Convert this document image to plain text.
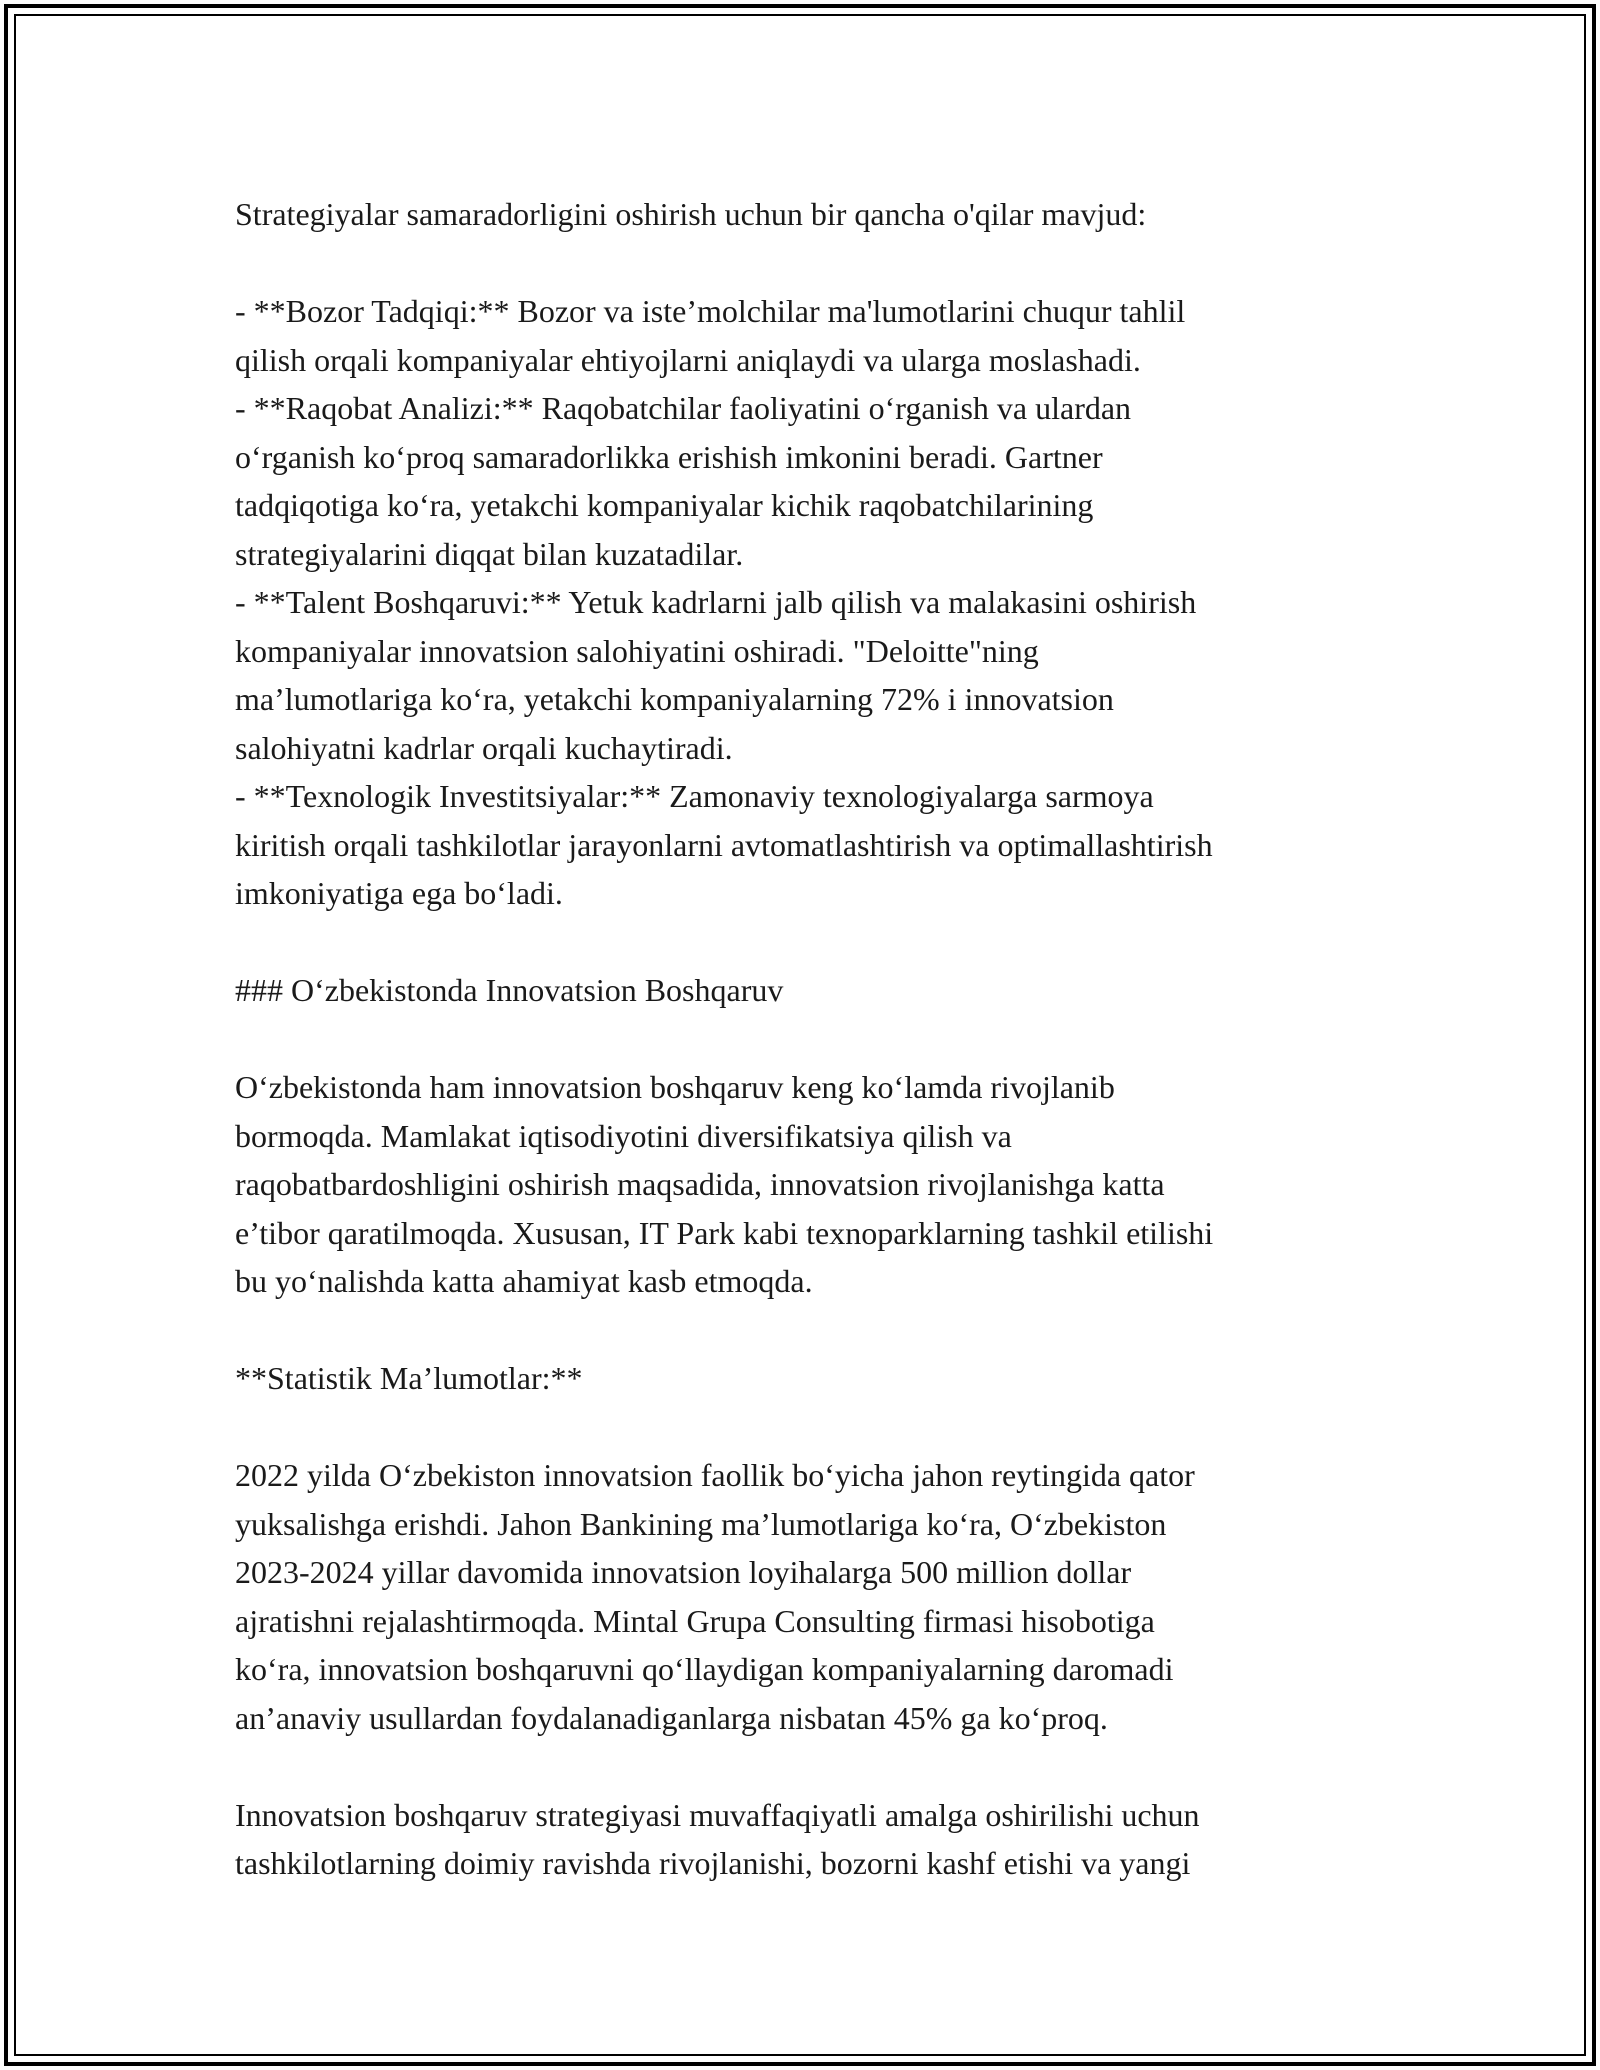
Strategiyalar samaradorligini oshirish uchun bir qancha o'qilar mavjud:

- **Bozor Tadqiqi:** Bozor va iste’molchilar ma'lumotlarini chuqur tahlil
qilish orqali kompaniyalar ehtiyojlarni aniqlaydi va ularga moslashadi.
- **Raqobat Analizi:** Raqobatchilar faoliyatini o‘rganish va ulardan
o‘rganish ko‘proq samaradorlikka erishish imkonini beradi. Gartner
tadqiqotiga ko‘ra, yetakchi kompaniyalar kichik raqobatchilarining
strategiyalarini diqqat bilan kuzatadilar.
- **Talent Boshqaruvi:** Yetuk kadrlarni jalb qilish va malakasini oshirish
kompaniyalar innovatsion salohiyatini oshiradi. "Deloitte"ning
ma’lumotlariga ko‘ra, yetakchi kompaniyalarning 72% i innovatsion
salohiyatni kadrlar orqali kuchaytiradi.
- **Texnologik Investitsiyalar:** Zamonaviy texnologiyalarga sarmoya
kiritish orqali tashkilotlar jarayonlarni avtomatlashtirish va optimallashtirish
imkoniyatiga ega bo‘ladi.

### O‘zbekistonda Innovatsion Boshqaruv

O‘zbekistonda ham innovatsion boshqaruv keng ko‘lamda rivojlanib
bormoqda. Mamlakat iqtisodiyotini diversifikatsiya qilish va
raqobatbardoshligini oshirish maqsadida, innovatsion rivojlanishga katta
e’tibor qaratilmoqda. Xususan, IT Park kabi texnoparklarning tashkil etilishi
bu yo‘nalishda katta ahamiyat kasb etmoqda.

**Statistik Ma’lumotlar:**

2022 yilda O‘zbekiston innovatsion faollik bo‘yicha jahon reytingida qator
yuksalishga erishdi. Jahon Bankining ma’lumotlariga ko‘ra, O‘zbekiston
2023-2024 yillar davomida innovatsion loyihalarga 500 million dollar
ajratishni rejalashtirmoqda. Mintal Grupa Consulting firmasi hisobotiga
ko‘ra, innovatsion boshqaruvni qo‘llaydigan kompaniyalarning daromadi
an’anaviy usullardan foydalanadiganlarga nisbatan 45% ga ko‘proq.

Innovatsion boshqaruv strategiyasi muvaffaqiyatli amalga oshirilishi uchun
tashkilotlarning doimiy ravishda rivojlanishi, bozorni kashf etishi va yangi
